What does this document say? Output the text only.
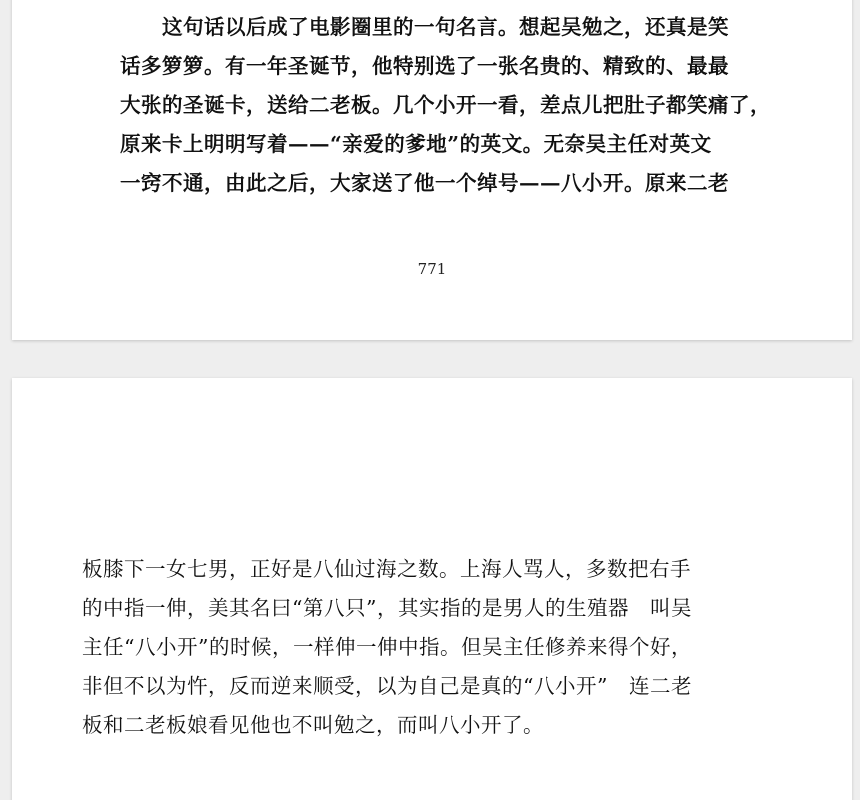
这句话以后成了电影圈里的一句名言。想起吴勉之，还真是笑
话多箩箩。有一年圣诞节，他特别选了一张名贵的、精致的、最最
大张的圣诞卡，送给二老板。几个小开一看，差点儿把肚子都笑痛了，
原来卡上明明写着——“亲爱的爹地”的英文。无奈吴主任对英文
一窍不通，由此之后，大家送了他一个绰号——八小开。原来二老
771
板膝下一女七男，正好是八仙过海之数。上海人骂人，多数把右手
的中指一伸，美其名曰“第八只”，其实指的是男人的生殖器　叫吴
主任“八小开”的时候，一样伸一伸中指。但吴主任修养来得个好，
非但不以为忤，反而逆来顺受，以为自己是真的“八小开”　连二老
板和二老板娘看见他也不叫勉之，而叫八小开了。
